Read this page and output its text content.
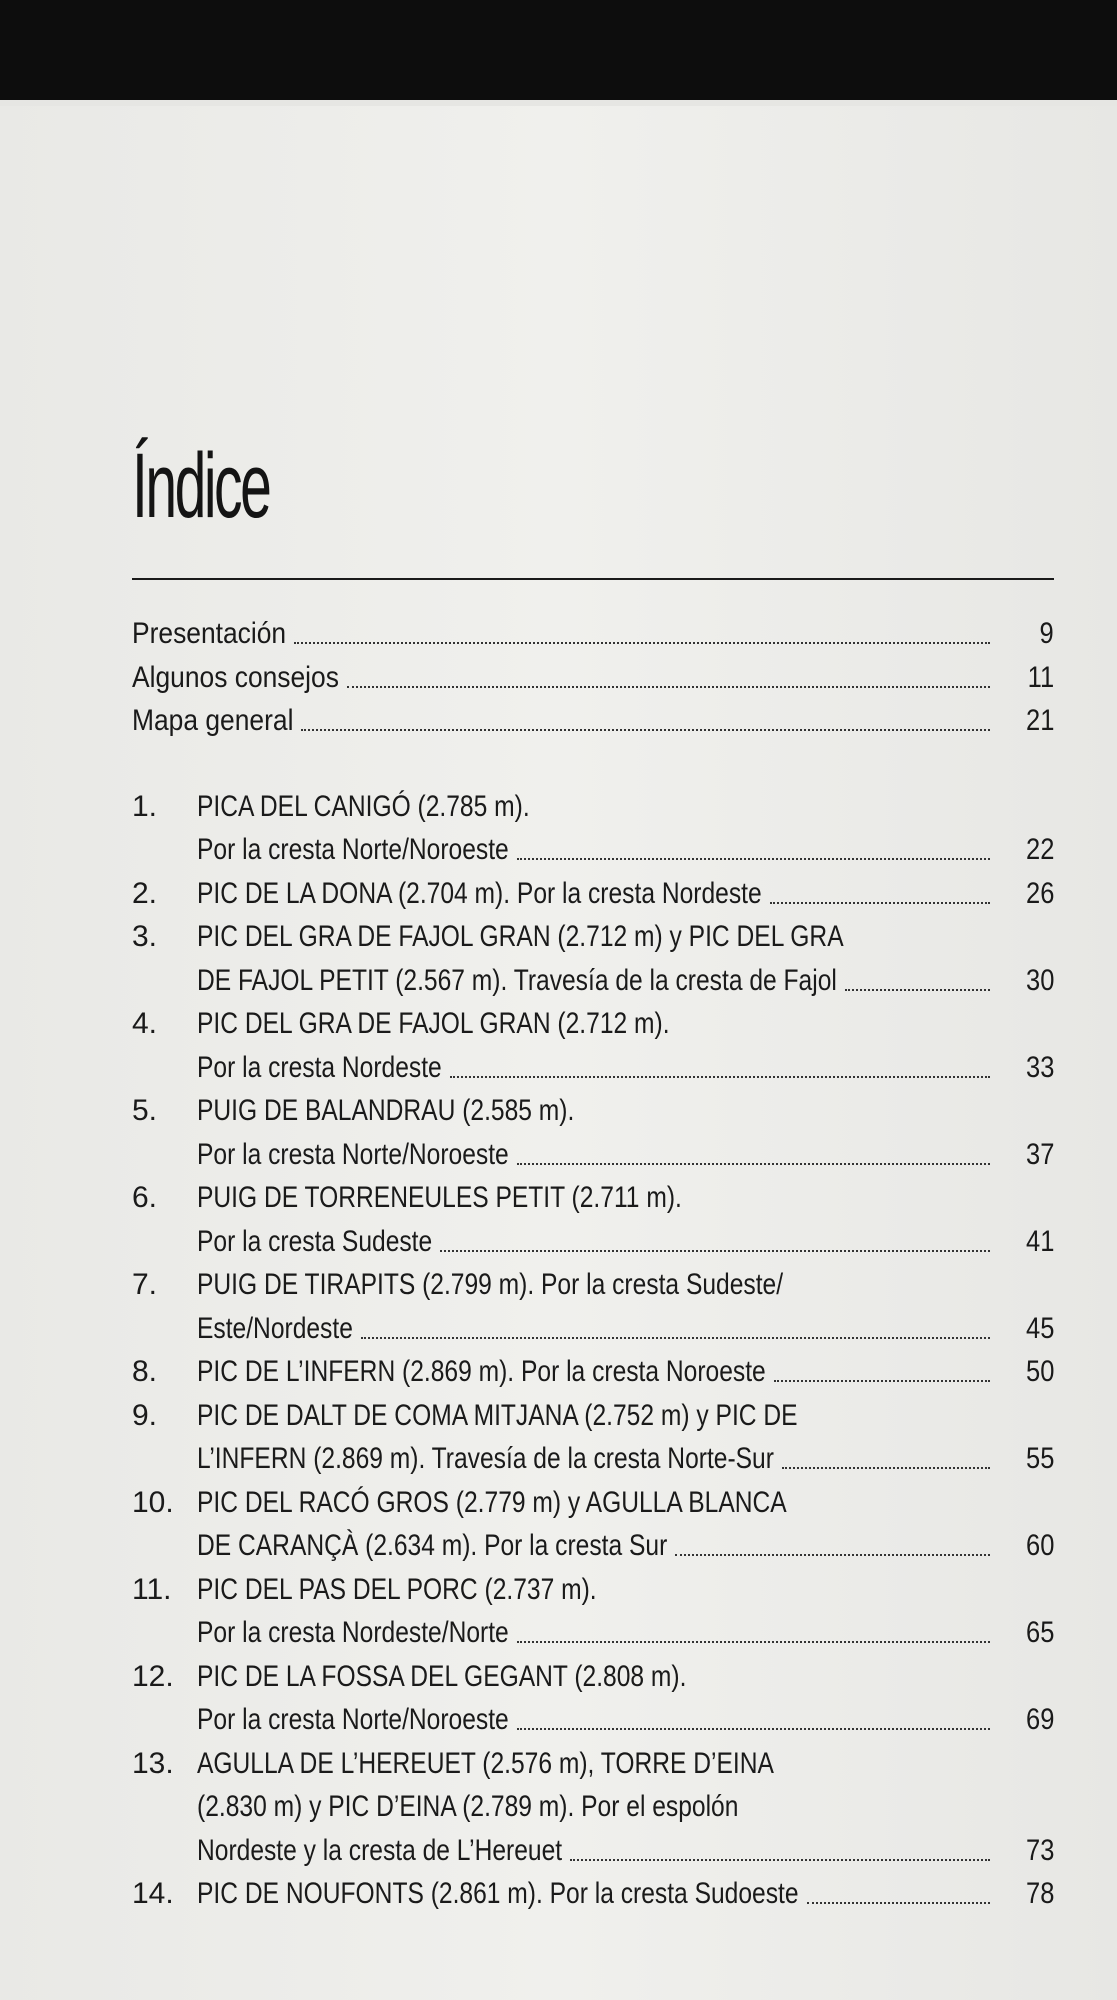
Índice
Presentación	9
Algunos consejos	11
Mapa general	21
1.	PICA DEL CANIGÓ (2.785 m).
Por la cresta Norte/Noroeste	22
2.	PIC DE LA DONA (2.704 m). Por la cresta Nordeste	26
3.	PIC DEL GRA DE FAJOL GRAN (2.712 m) y PIC DEL GRA
DE FAJOL PETIT (2.567 m). Travesía de la cresta de Fajol	30
4.	PIC DEL GRA DE FAJOL GRAN (2.712 m).
Por la cresta Nordeste	33
5.	PUIG DE BALANDRAU (2.585 m).
Por la cresta Norte/Noroeste	37
6.	PUIG DE TORRENEULES PETIT (2.711 m).
Por la cresta Sudeste	41
7.	PUIG DE TIRAPITS (2.799 m). Por la cresta Sudeste/
Este/Nordeste	45
8.	PIC DE L’INFERN (2.869 m). Por la cresta Noroeste	50
9.	PIC DE DALT DE COMA MITJANA (2.752 m) y PIC DE
L’INFERN (2.869 m). Travesía de la cresta Norte-Sur	55
10. PIC DEL RACÓ GROS (2.779 m) y AGULLA BLANCA
DE CARANÇÀ (2.634 m). Por la cresta Sur	60
11. PIC DEL PAS DEL PORC (2.737 m).
Por la cresta Nordeste/Norte	65
12. PIC DE LA FOSSA DEL GEGANT (2.808 m).
Por la cresta Norte/Noroeste	69
13. AGULLA DE L’HEREUET (2.576 m), TORRE D’EINA
(2.830 m) y PIC D’EINA (2.789 m). Por el espolón
Nordeste y la cresta de L’Hereuet	73
14. PIC DE NOUFONTS (2.861 m). Por la cresta Sudoeste	78
